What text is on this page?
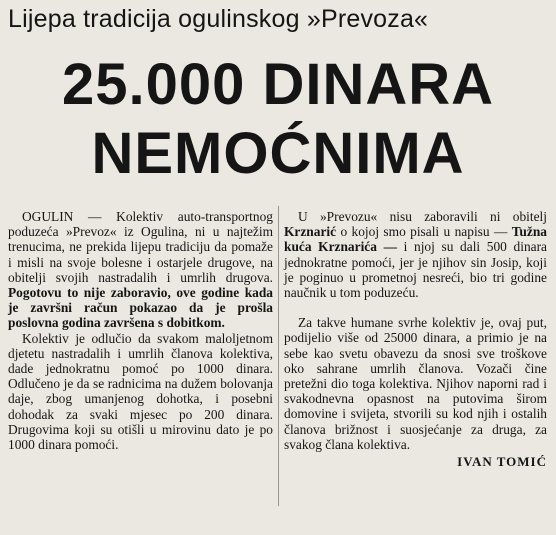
Lijepa tradicija ogulinskog »Prevoza«
25.000 DINARA
NEMOĆNIMA

OGULIN — Kolektiv auto-transportnog poduzeća »Prevoz« iz Ogulina, ni u najtežim trenucima, ne prekida lijepu tradiciju da pomaže i misli na svoje bolesne i ostarjele drugove, na obitelji svojih nastradalih i umrlih drugova. Pogotovu to nije zaboravio, ove godine kada je završni račun pokazao da je prošla poslovna godina završena s dobitkom.

Kolektiv je odlučio da svakom maloljetnom djetetu nastradalih i umrlih članova kolektiva, dade jednokratnu pomoć po 1000 dinara. Odlučeno je da se radnicima na dužem bolovanja daje, zbog umanjenog dohotka, i posebni dohodak za svaki mjesec po 200 dinara. Drugovima koji su otišli u mirovinu dato je po 1000 dinara pomoći.

U »Prevozu« nisu zaboravili ni obitelj Krznarić o kojoj smo pisali u napisu — Tužna kuća Krznarića — i njoj su dali 500 dinara jednokratne pomoći, jer je njihov sin Josip, koji je poginuo u prometnoj nesreći, bio tri godine naučnik u tom poduzeću.

Za takve humane svrhe kolektiv je, ovaj put, podijelio više od 25000 dinara, a primio je na sebe kao svetu obavezu da snosi sve troškove oko sahrane umrlih članova. Vozači čine pretežni dio toga kolektiva. Njihov naporni rad i svakodnevna opasnost na putovima širom domovine i svijeta, stvorili su kod njih i ostalih članova brižnost i suosjećanje za druga, za svakog člana kolektiva.

IVAN TOMIĆ
